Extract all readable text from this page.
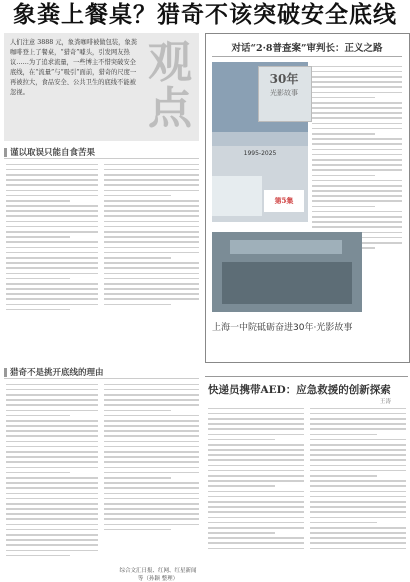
象粪上餐桌？猎奇不该突破安全底线
人们注意 3888 元，象粪咖啡被做包装，象粪咖啡登上了餐桌，“猎奇”噱头，引发网友热议……为了追求流量，一些博主不惜突破安全底线，在“流量”与“吸引”面前，猎奇的尺度一再被拉大，食品安全、公共卫生的底线不能被忽视。
观点
谨以取误只能自食苦果
猎奇不是挑开底线的理由
综合文汇日报、红网、红星新闻等（孙颖 整理）
对话“2·8普查案”审判长：正义之路
1995-2025
第5集
30年
光影故事
上海一中院砥砺奋进30年·光影故事
快递员携带AED：应急救援的创新探索
王涛
